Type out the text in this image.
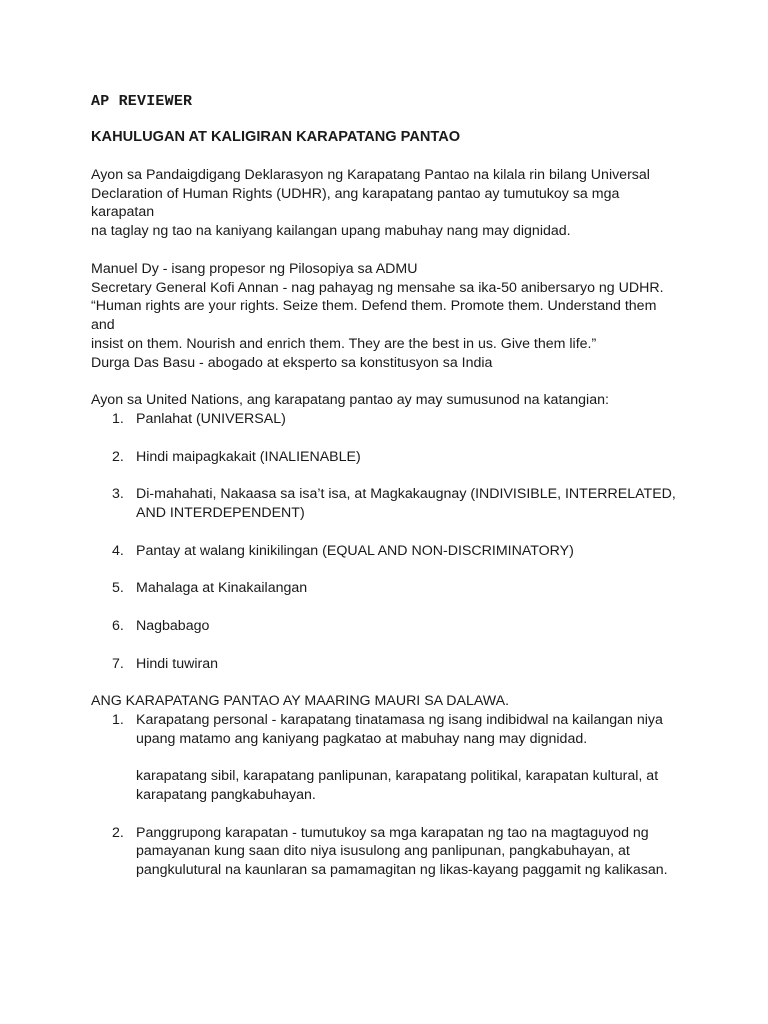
AP REVIEWER
KAHULUGAN AT KALIGIRAN KARAPATANG PANTAO

Ayon sa Pandaigdigang Deklarasyon ng Karapatang Pantao na kilala rin bilang Universal
Declaration of Human Rights (UDHR), ang karapatang pantao ay tumutukoy sa mga karapatan
na taglay ng tao na kaniyang kailangan upang mabuhay nang may dignidad.

Manuel Dy - isang propesor ng Pilosopiya sa ADMU
Secretary General Kofi Annan - nag pahayag ng mensahe sa ika-50 anibersaryo ng UDHR.
“Human rights are your rights. Seize them. Defend them. Promote them. Understand them and
insist on them. Nourish and enrich them. They are the best in us. Give them life.”
Durga Das Basu - abogado at eksperto sa konstitusyon sa India

Ayon sa United Nations, ang karapatang pantao ay may sumusunod na katangian:

1. Panlahat (UNIVERSAL)
2. Hindi maipagkakait (INALIENABLE)
3. Di-mahahati, Nakaasa sa isa’t isa, at Magkakaugnay (INDIVISIBLE, INTERRELATED,
AND INTERDEPENDENT)
4. Pantay at walang kinikilingan (EQUAL AND NON-DISCRIMINATORY)
5. Mahalaga at Kinakailangan
6. Nagbabago
7. Hindi tuwiran

ANG KARAPATANG PANTAO AY MAARING MAURI SA DALAWA.

1. Karapatang personal - karapatang tinatamasa ng isang indibidwal na kailangan niya
upang matamo ang kaniyang pagkatao at mabuhay nang may dignidad.
karapatang sibil, karapatang panlipunan, karapatang politikal, karapatan kultural, at
karapatang pangkabuhayan.
2. Panggrupong karapatan - tumutukoy sa mga karapatan ng tao na magtaguyod ng
pamayanan kung saan dito niya isusulong ang panlipunan, pangkabuhayan, at
pangkulutural na kaunlaran sa pamamagitan ng likas-kayang paggamit ng kalikasan.
